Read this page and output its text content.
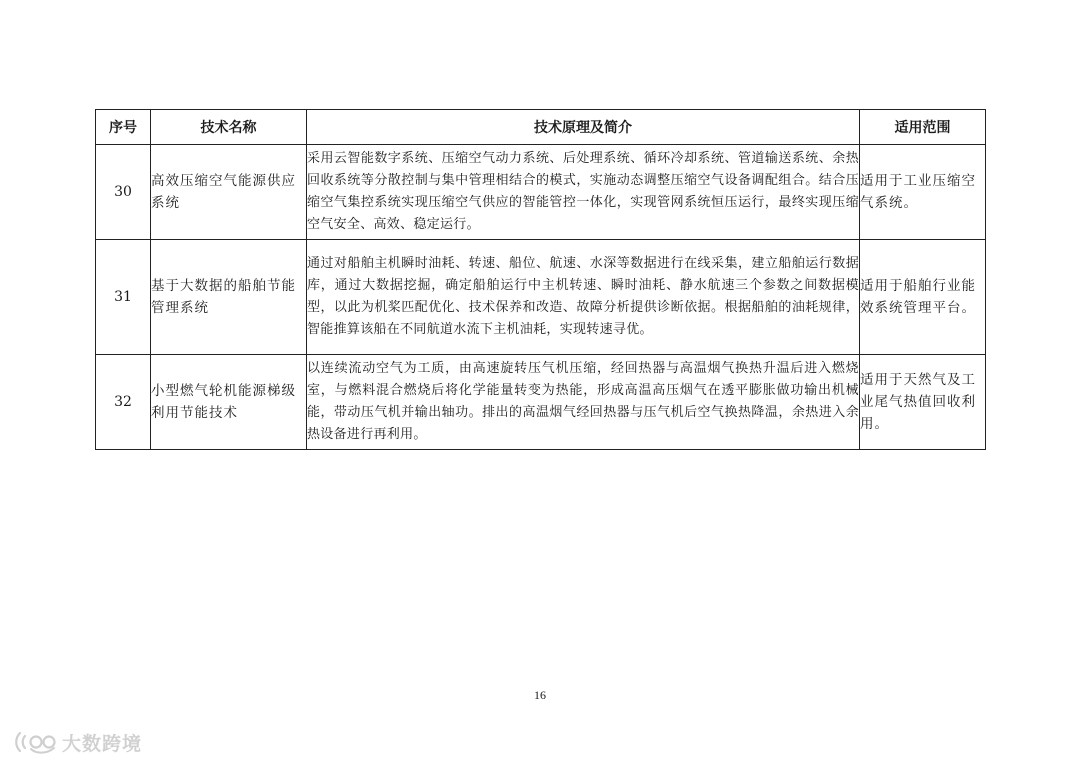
序号	技术名称	技术原理及简介	适用范围
30	高效压缩空气能源供应系统	采用云智能数字系统、压缩空气动力系统、后处理系统、循环冷却系统、管道输送系统、余热回收系统等分散控制与集中管理相结合的模式，实施动态调整压缩空气设备调配组合。结合压缩空气集控系统实现压缩空气供应的智能管控一体化，实现管网系统恒压运行，最终实现压缩空气安全、高效、稳定运行。	适用于工业压缩空气系统。
31	基于大数据的船舶节能管理系统	通过对船舶主机瞬时油耗、转速、船位、航速、水深等数据进行在线采集，建立船舶运行数据库，通过大数据挖掘，确定船舶运行中主机转速、瞬时油耗、静水航速三个参数之间数据模型，以此为机桨匹配优化、技术保养和改造、故障分析提供诊断依据。根据船舶的油耗规律，智能推算该船在不同航道水流下主机油耗，实现转速寻优。	适用于船舶行业能效系统管理平台。
32	小型燃气轮机能源梯级利用节能技术	以连续流动空气为工质，由高速旋转压气机压缩，经回热器与高温烟气换热升温后进入燃烧室，与燃料混合燃烧后将化学能量转变为热能，形成高温高压烟气在透平膨胀做功输出机械能，带动压气机并输出轴功。排出的高温烟气经回热器与压气机后空气换热降温，余热进入余热设备进行再利用。	适用于天然气及工业尾气热值回收利用。
16
大数跨境
